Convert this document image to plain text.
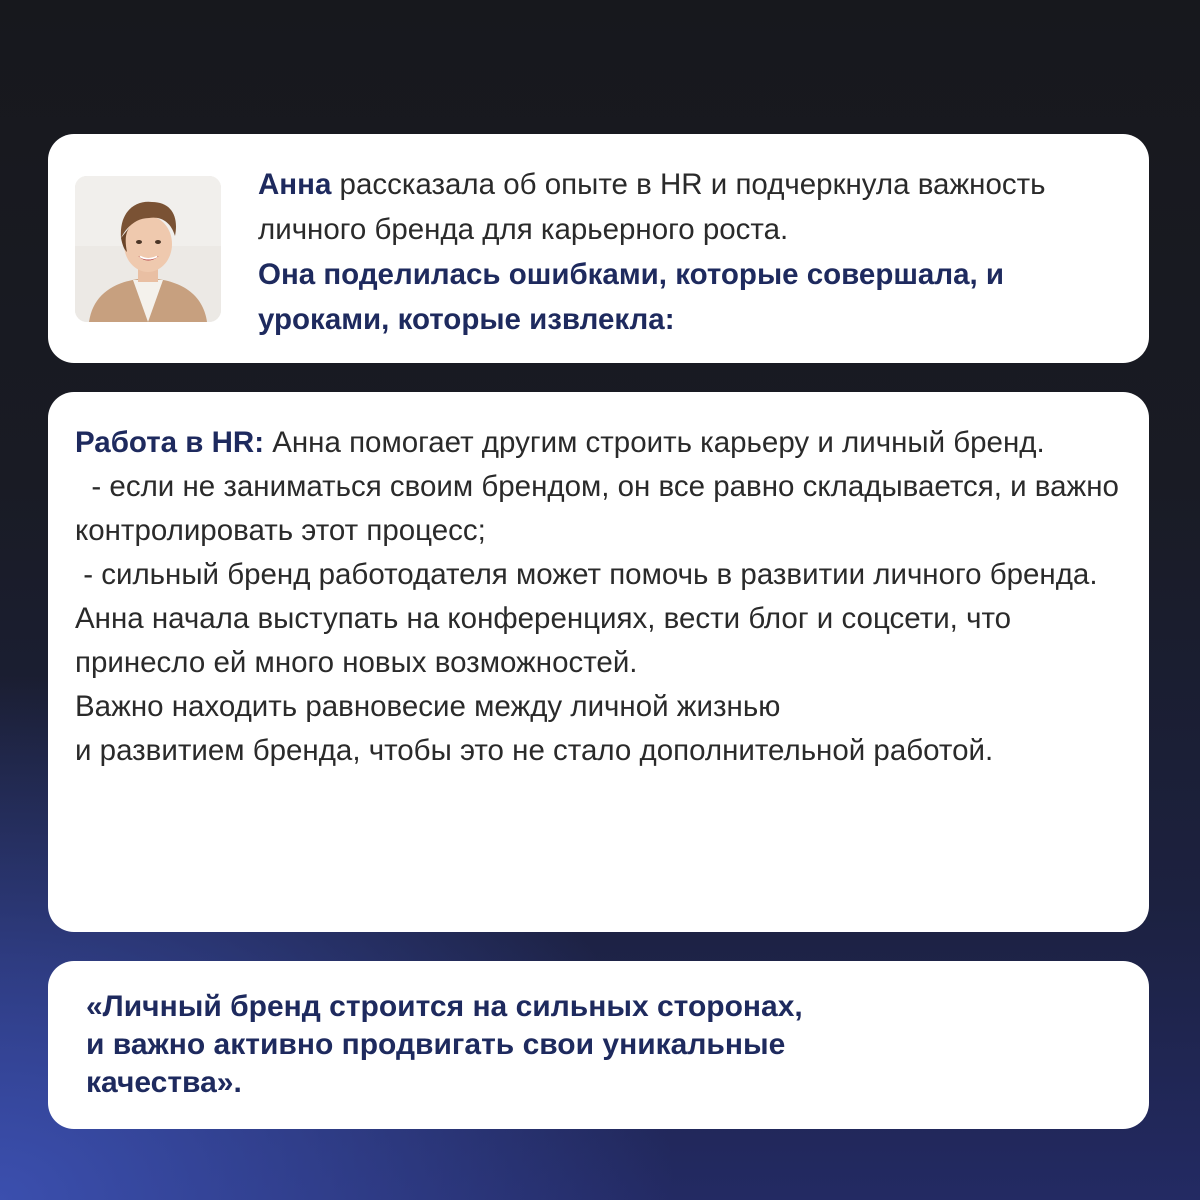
Анна рассказала об опыте в HR и подчеркнула важность личного бренда для карьерного роста.
Она поделилась ошибками, которые совершала, и уроками, которые извлекла:
Работа в HR: Анна помогает другим строить карьеру и личный бренд.
- если не заниматься своим брендом, он все равно складывается, и важно контролировать этот процесс;
- сильный бренд работодателя может помочь в развитии личного бренда.
Анна начала выступать на конференциях, вести блог и соцсети, что принесло ей много новых возможностей.
Важно находить равновесие между личной жизнью
и развитием бренда, чтобы это не стало дополнительной работой.
«Личный бренд строится на сильных сторонах,
и важно активно продвигать свои уникальные
качества».
